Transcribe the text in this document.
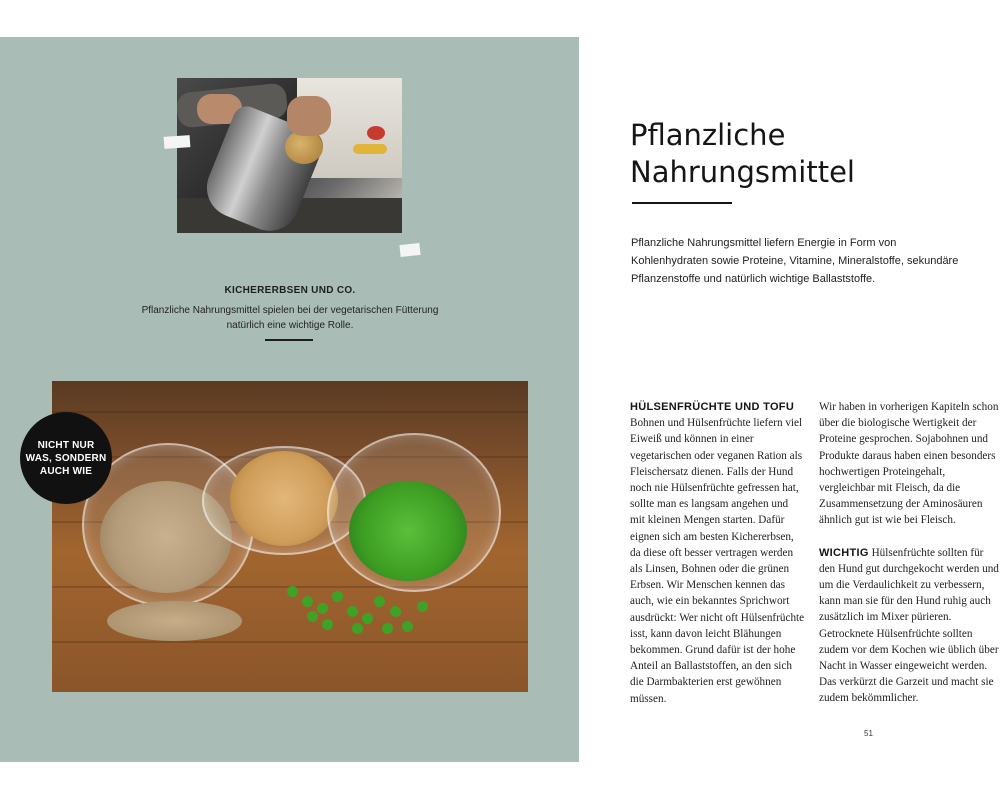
KICHERERBSEN UND CO.
Pflanzliche Nahrungsmittel spielen bei der vegetarischen Fütterung natürlich eine wichtige Rolle.
NICHT NUR
WAS, SONDERN
AUCH WIE
Pflanzliche
Nahrungsmittel
Pflanzliche Nahrungsmittel liefern Energie in Form von Kohlenhydraten sowie Proteine, Vitamine, Mineralstoffe, sekundäre Pflanzenstoffe und natürlich wichtige Ballaststoffe.
HÜLSENFRÜCHTE UND TOFU

Bohnen und Hülsenfrüchte liefern viel Eiweiß und können in einer vegetarischen oder veganen Ration als Fleischersatz dienen. Falls der Hund noch nie Hülsenfrüchte gefressen hat, sollte man es langsam angehen und mit kleinen Mengen starten. Dafür eignen sich am besten Kichererbsen, da diese oft besser vertragen werden als Linsen, Bohnen oder die grünen Erbsen. Wir Menschen kennen das auch, wie ein bekanntes Sprichwort ausdrückt: Wer nicht oft Hülsenfrüchte isst, kann davon leicht Blähungen bekommen. Grund dafür ist der hohe Anteil an Ballaststoffen, an den sich die Darmbakterien erst gewöhnen müssen.

Wir haben in vorherigen Kapiteln schon über die biologische Wertigkeit der Proteine gesprochen. Sojabohnen und Produkte daraus haben einen besonders hochwertigen Proteingehalt, vergleichbar mit Fleisch, da die Zusammensetzung der Aminosäuren ähnlich gut ist wie bei Fleisch.

WICHTIG Hülsenfrüchte sollten für den Hund gut durchgekocht werden und um die Verdaulichkeit zu verbessern, kann man sie für den Hund ruhig auch zusätzlich im Mixer pürieren. Getrocknete Hülsenfrüchte sollten zudem vor dem Kochen wie üblich über Nacht in Wasser eingeweicht werden. Das verkürzt die Garzeit und macht sie zudem bekömmlicher.

51
